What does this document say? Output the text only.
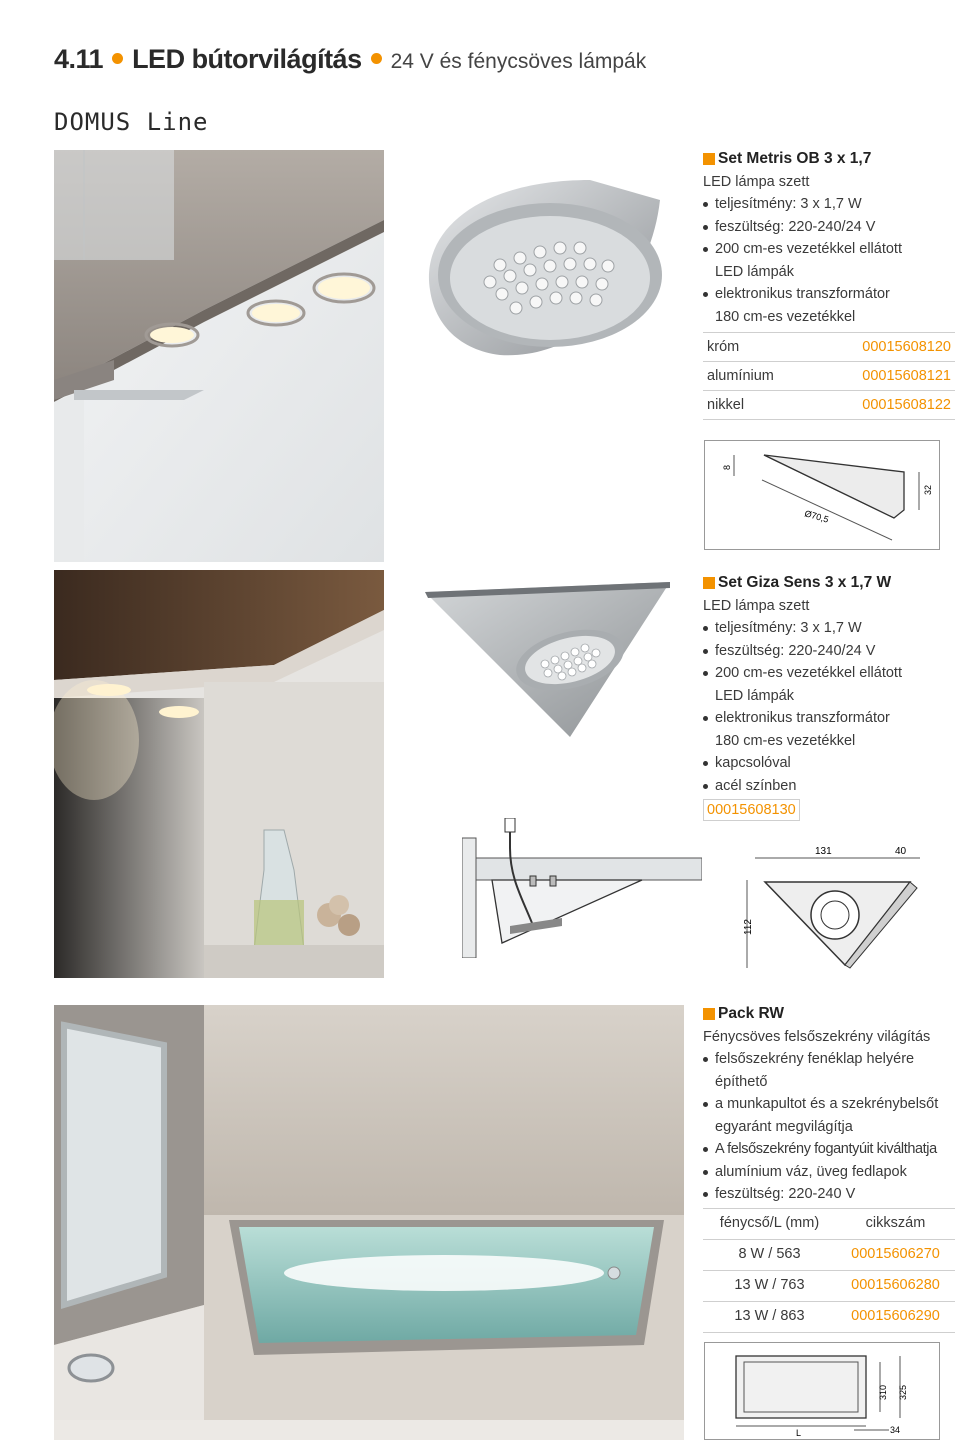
4.11 LED bútorvilágítás 24 V és fénycsöves lámpák
DOMUS Line
Set Metris OB 3 x 1,7
LED lámpa szett
teljesítmény: 3 x 1,7 W
feszültség: 220-240/24 V
200 cm-es vezetékkel ellátott
LED lámpák
elektronikus transzformátor
180 cm-es vezetékkel
króm	00015608120
alumínium	00015608121
nikkel	00015608122
8
32
Ø70,5
Set Giza Sens 3 x 1,7 W
LED lámpa szett
teljesítmény: 3 x 1,7 W
feszültség: 220-240/24 V
200 cm-es vezetékkel ellátott
LED lámpák
elektronikus transzformátor
180 cm-es vezetékkel
kapcsolóval
acél színben
00015608130
131	40
112
Pack RW
Fénycsöves felsőszekrény világítás
felsőszekrény fenéklap helyére
építhető
a munkapultot és a szekrénybelsőt
egyaránt megvilágítja
A felsőszekrény fogantyúit kiválthatja
alumínium váz, üveg fedlapok
feszültség: 220-240 V
fénycső/L (mm)	cikkszám
8 W / 563	00015606270
13 W / 763	00015606280
13 W / 863	00015606290
L
310 325
34
